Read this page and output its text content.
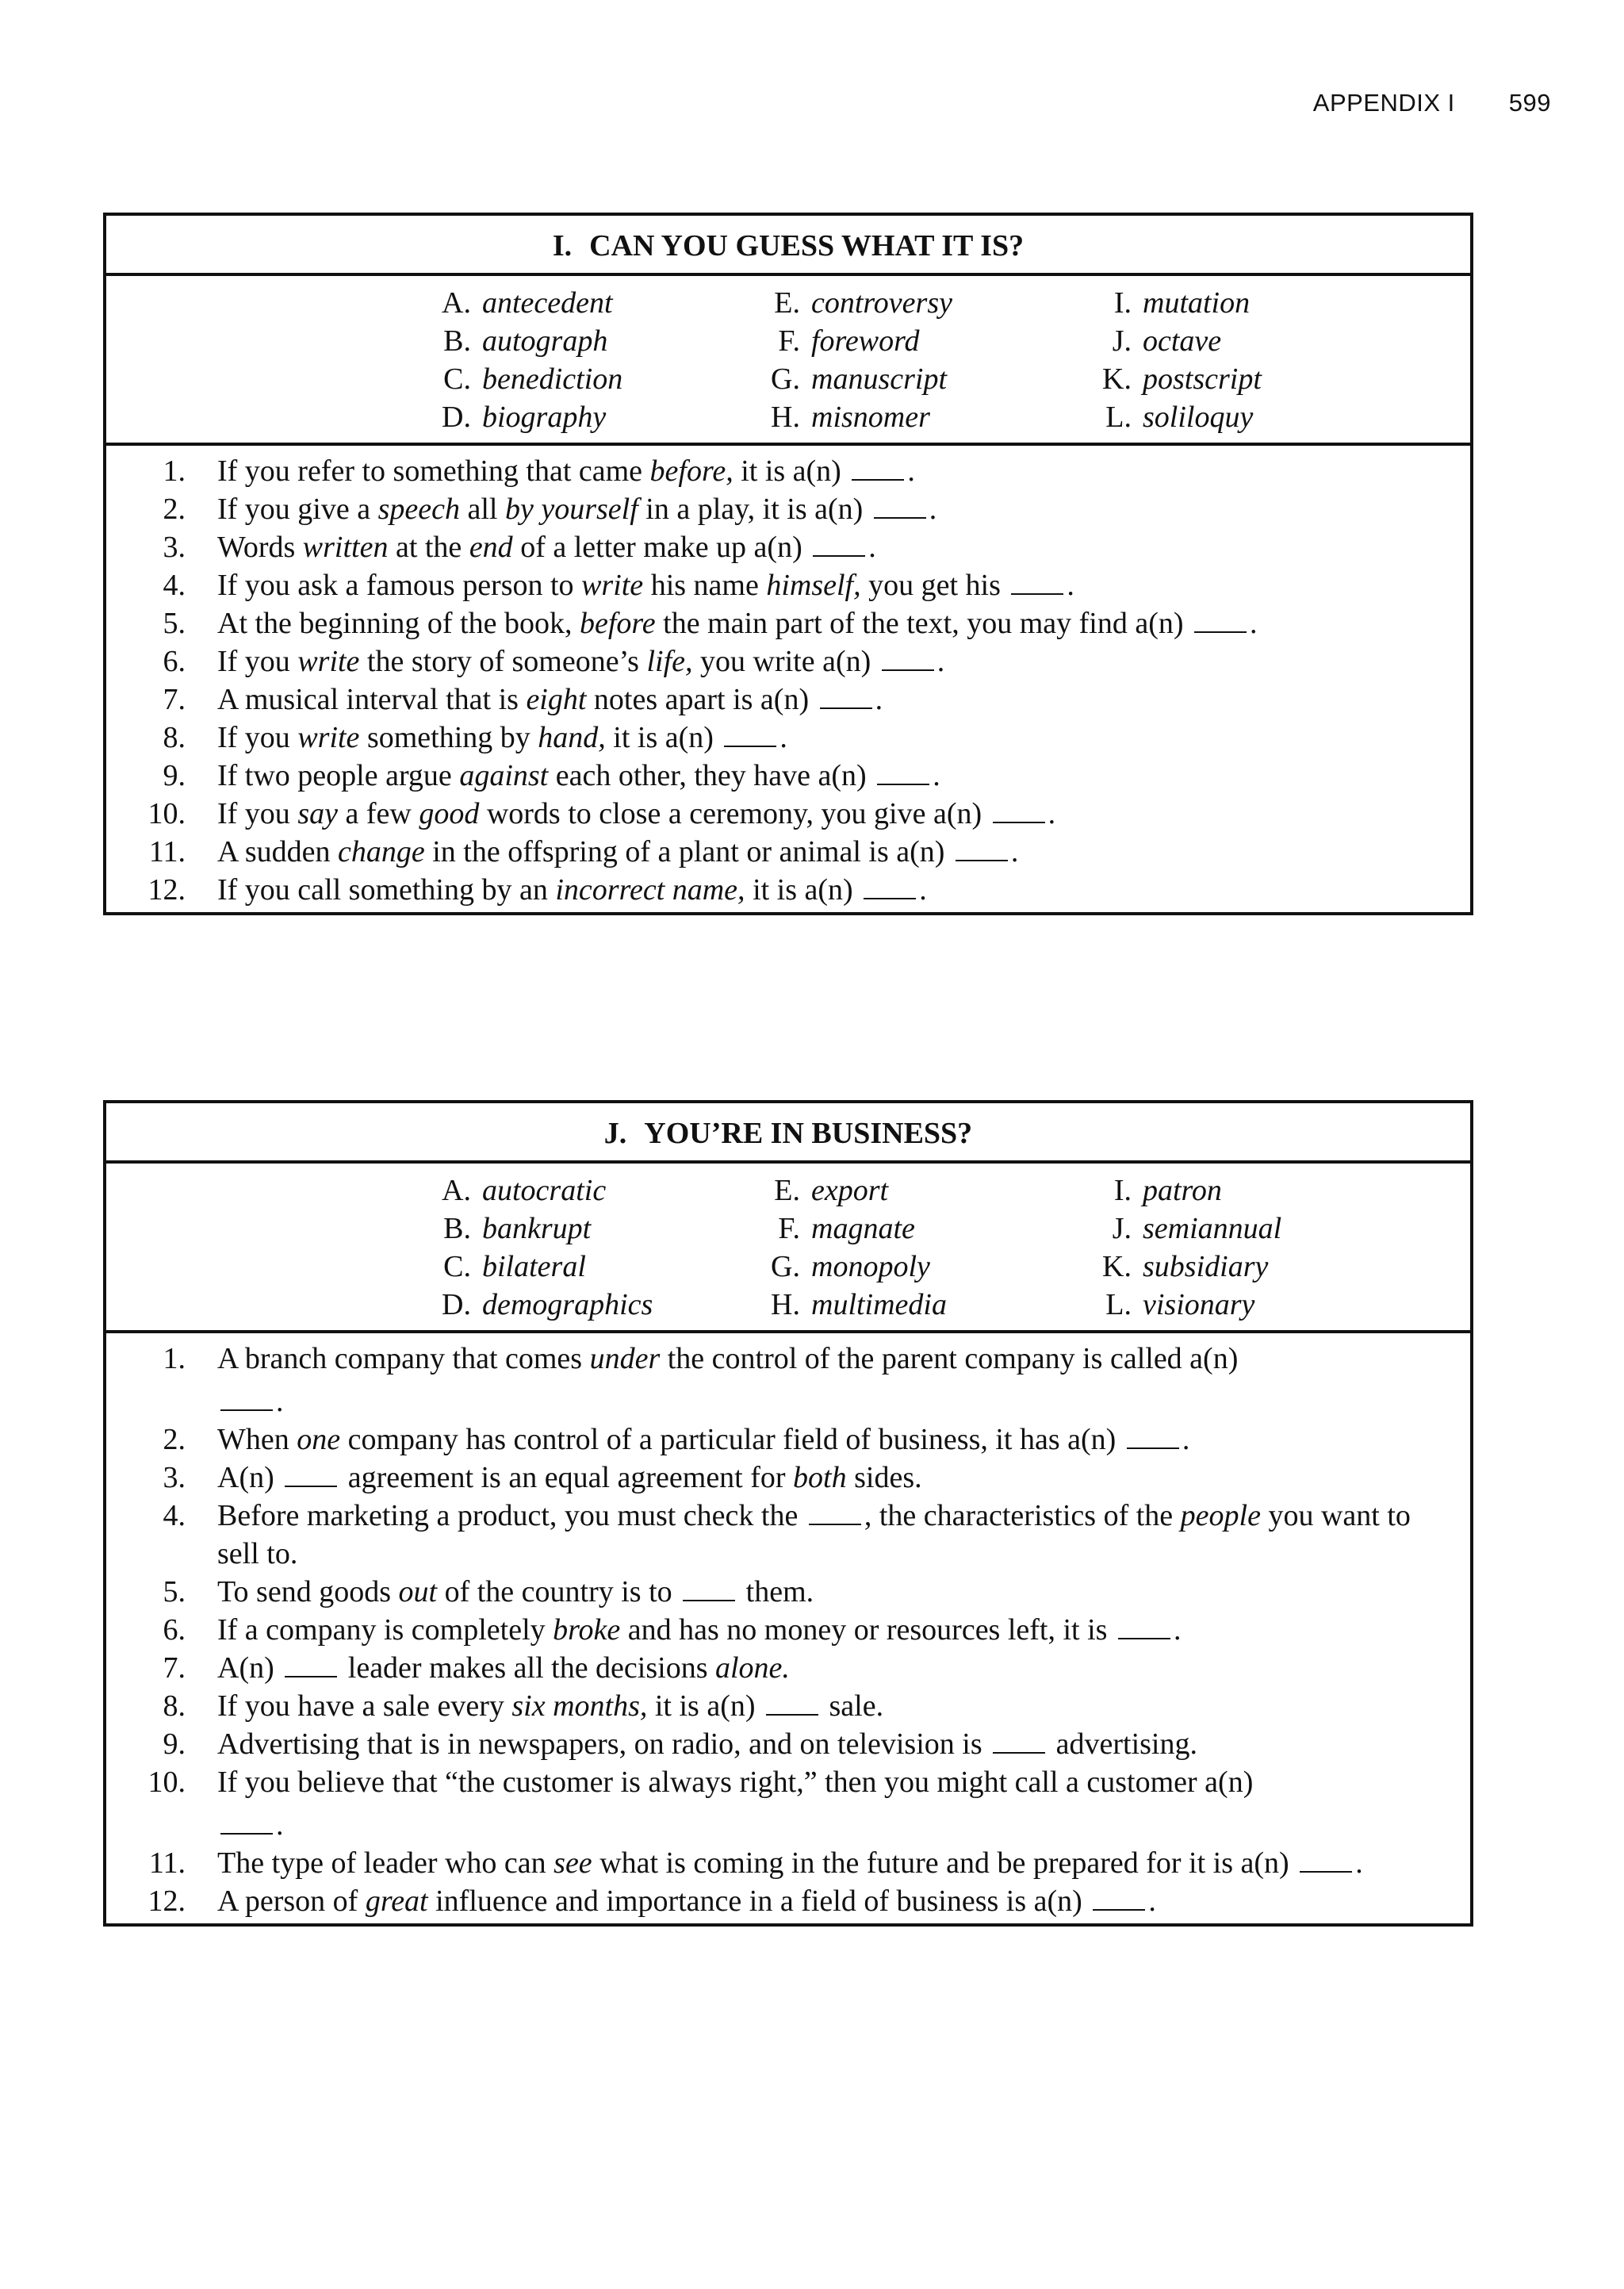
APPENDIX I 599
I. CAN YOU GUESS WHAT IT IS?
A. antecedent
B. autograph
C. benediction
D. biography
E. controversy
F. foreword
G. manuscript
H. misnomer
I. mutation
J. octave
K. postscript
L. soliloquy
1. If you refer to something that came before, it is a(n) .
2. If you give a speech all by yourself in a play, it is a(n) .
3. Words written at the end of a letter make up a(n) .
4. If you ask a famous person to write his name himself, you get his .
5. At the beginning of the book, before the main part of the text, you may find a(n) .
6. If you write the story of someone’s life, you write a(n) .
7. A musical interval that is eight notes apart is a(n) .
8. If you write something by hand, it is a(n) .
9. If two people argue against each other, they have a(n) .
10. If you say a few good words to close a ceremony, you give a(n) .
11. A sudden change in the offspring of a plant or animal is a(n) .
12. If you call something by an incorrect name, it is a(n) .
J. YOU’RE IN BUSINESS?
A. autocratic
B. bankrupt
C. bilateral
D. demographics
E. export
F. magnate
G. monopoly
H. multimedia
I. patron
J. semiannual
K. subsidiary
L. visionary
1. A branch company that comes under the control of the parent company is called a(n)
.
2. When one company has control of a particular field of business, it has a(n) .
3. A(n)  agreement is an equal agreement for both sides.
4. Before marketing a product, you must check the , the characteristics of the people you want to sell to.
5. To send goods out of the country is to  them.
6. If a company is completely broke and has no money or resources left, it is .
7. A(n)  leader makes all the decisions alone.
8. If you have a sale every six months, it is a(n)  sale.
9. Advertising that is in newspapers, on radio, and on television is  advertising.
10. If you believe that “the customer is always right,” then you might call a customer a(n)
.
11. The type of leader who can see what is coming in the future and be prepared for it is a(n) .
12. A person of great influence and importance in a field of business is a(n) .
